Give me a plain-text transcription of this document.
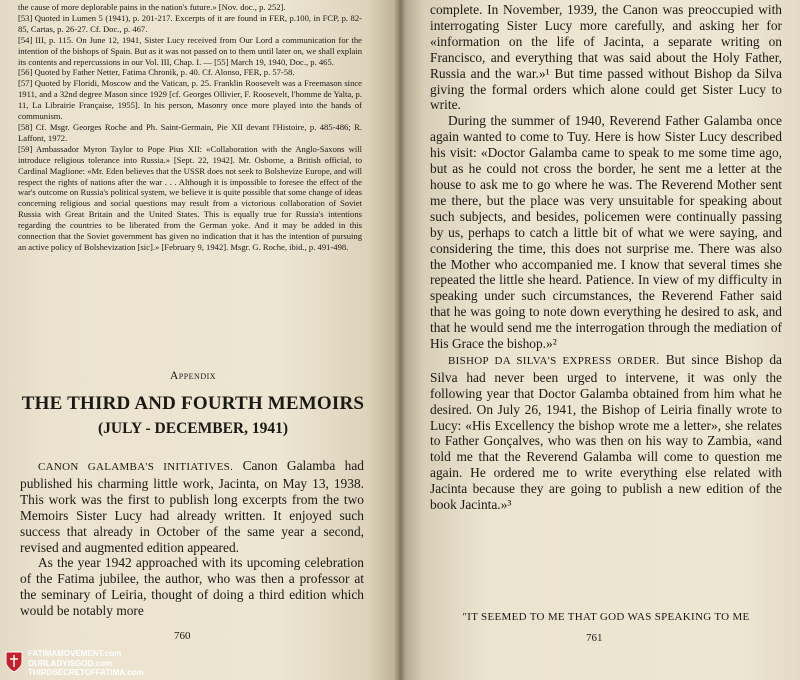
the cause of more deplorable pains in the nation's future.» [Nov. doc., p. 252].

[53] Quoted in Lumen 5 (1941), p. 201-217. Excerpts of it are found in FER, p.100, in FCP, p. 82-85, Cartas, p. 26-27. Cf. Doc., p. 467.

[54] III, p. 115. On June 12, 1941, Sister Lucy received from Our Lord a communication for the intention of the bishops of Spain. But as it was not passed on to them until later on, we shall explain its contents and repercussions in our Vol. III, Chap. I. — [55] March 19, 1940, Doc., p. 465.

[56] Quoted by Father Netter, Fatima Chronik, p. 40. Cf. Alonso, FER, p. 57-58.

[57] Quoted by Floridi, Moscow and the Vatican, p. 25. Franklin Roosevelt was a Freemason since 1911, and a 32nd degree Mason since 1929 [cf. Georges Ollivier, F. Roosevelt, l'homme de Yalta, p. 11, La Librairie Française, 1955]. In his person, Masonry once more played into the hands of communism.

[58] Cf. Msgr. Georges Roche and Ph. Saint-Germain, Pie XII devant l'Histoire, p. 485-486; R. Laffont, 1972.

[59] Ambassador Myron Taylor to Pope Pius XII: «Collaboration with the Anglo-Saxons will introduce religious tolerance into Russia.» [Sept. 22, 1942]. Mr. Osborne, a British official, to Cardinal Maglione: «Mr. Eden believes that the USSR does not seek to Bolshevize Europe, and will respect the rights of nations after the war . . . Although it is impossible to foresee the effect of the war's outcome on Russia's political system, we believe it is quite possible that some change of ideas concerning religious and social questions may result from a victorious collaboration of Soviet Russia with Great Britain and the United States. This is equally true for Russia's intentions regarding the countries to be liberated from the German yoke. And it may be added in this connection that the Soviet government has given no indication that it has the intention of pursuing an active policy of Bolshevization [sic].» [February 9, 1942]. Msgr. G. Roche, ibid., p. 491-498.

Appendix
THE THIRD AND FOURTH MEMOIRS
(JULY - DECEMBER, 1941)

CANON GALAMBA'S INITIATIVES. Canon Galamba had published his charming little work, Jacinta, on May 13, 1938. This work was the first to publish long excerpts from the two Memoirs Sister Lucy had already written. It enjoyed such success that already in October of the same year a second, revised and augmented edition appeared.

As the year 1942 approached with its upcoming celebration of the Fatima jubilee, the author, who was then a professor at the seminary of Leiria, thought of doing a third edition which would be notably more

760

complete. In November, 1939, the Canon was preoccupied with interrogating Sister Lucy more carefully, and asking her for «information on the life of Jacinta, a separate writing on Francisco, and everything that was said about the Holy Father, Russia and the war.»¹ But time passed without Bishop da Silva giving the formal orders which alone could get Sister Lucy to write.

During the summer of 1940, Reverend Father Galamba once again wanted to come to Tuy. Here is how Sister Lucy described his visit: «Doctor Galamba came to speak to me some time ago, but as he could not cross the border, he sent me a letter at the house to ask me to go where he was. The Reverend Mother sent me there, but the place was very unsuitable for speaking about such subjects, and besides, policemen were continually passing by us, perhaps to catch a little bit of what we were saying, and considering the time, this does not surprise me. There was also the Mother who accompanied me. I know that several times she repeated the little she heard. Patience. In view of my difficulty in speaking under such circumstances, the Reverend Father said that he was going to note down everything he desired to ask, and that he would send me the interrogation through the mediation of His Grace the bishop.»²

BISHOP DA SILVA'S EXPRESS ORDER. But since Bishop da Silva had never been urged to intervene, it was only the following year that Doctor Galamba obtained from him what he desired. On July 26, 1941, the Bishop of Leiria finally wrote to Lucy: «His Excellency the bishop wrote me a letter», she relates to Father Gonçalves, who was then on his way to Zambia, «and told me that the Reverend Galamba will come to question me again. He ordered me to write everything else related with Jacinta because they are going to publish a new edition of the book Jacinta.»³

"IT SEEMED TO ME THAT GOD WAS SPEAKING TO ME
761
FATIMAMOVEMENT.com
OURLADYISGOD.com
THIRDSECRETOFFATIMA.com
